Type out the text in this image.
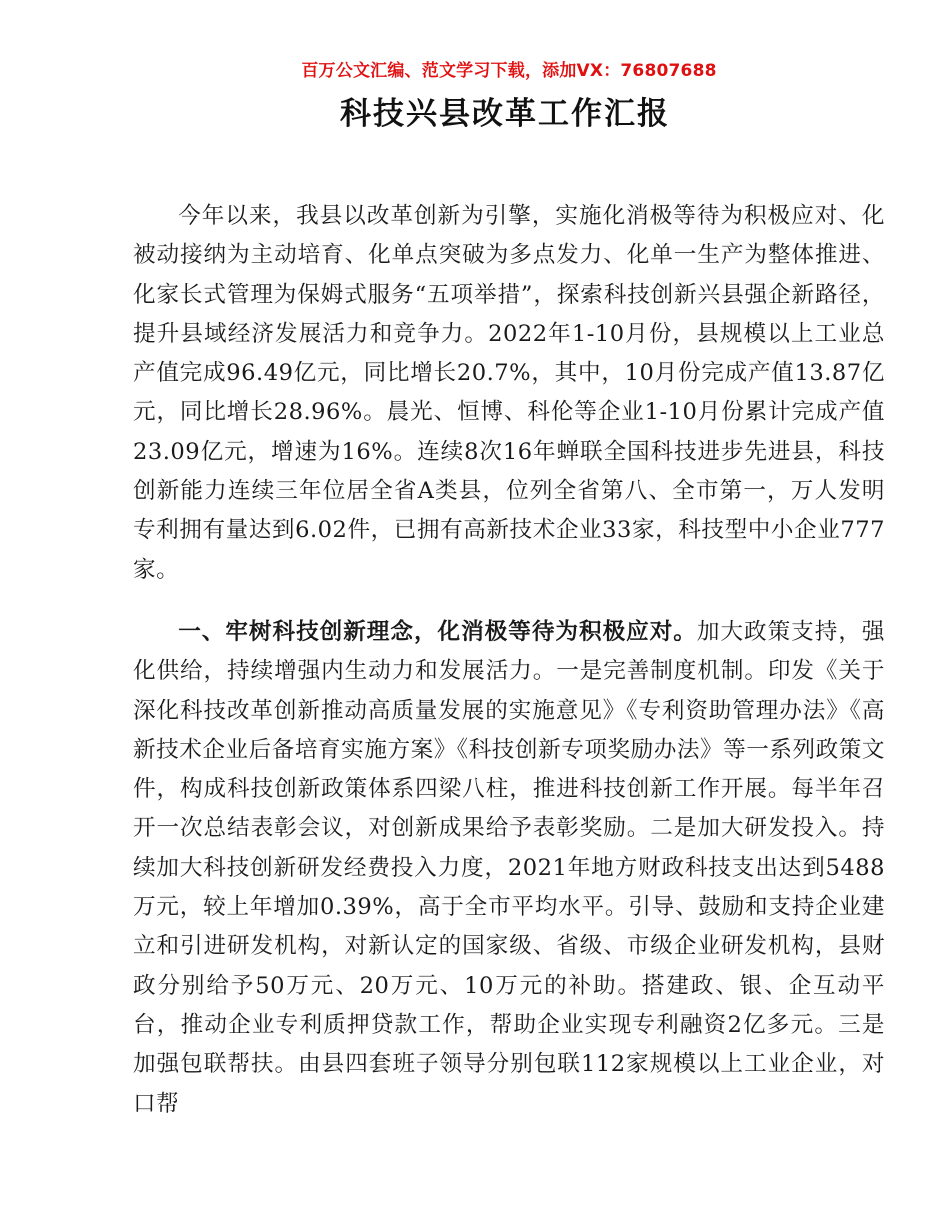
百万公文汇编、范文学习下载，添加VX：76807688
科技兴县改革工作汇报

今年以来，我县以改革创新为引擎，实施化消极等待为积极应对、化被动接纳为主动培育、化单点突破为多点发力、化单一生产为整体推进、化家长式管理为保姆式服务“五项举措”，探索科技创新兴县强企新路径，提升县域经济发展活力和竞争力。2022年1-10月份，县规模以上工业总产值完成96.49亿元，同比增长20.7%，其中，10月份完成产值13.87亿元，同比增长28.96%。晨光、恒博、科伦等企业1-10月份累计完成产值23.09亿元，增速为16%。连续8次16年蝉联全国科技进步先进县，科技创新能力连续三年位居全省A类县，位列全省第八、全市第一，万人发明专利拥有量达到6.02件，已拥有高新技术企业33家，科技型中小企业777家。

一、牢树科技创新理念，化消极等待为积极应对。加大政策支持，强化供给，持续增强内生动力和发展活力。一是完善制度机制。印发《关于深化科技改革创新推动高质量发展的实施意见》《专利资助管理办法》《高新技术企业后备培育实施方案》《科技创新专项奖励办法》等一系列政策文件，构成科技创新政策体系四梁八柱，推进科技创新工作开展。每半年召开一次总结表彰会议，对创新成果给予表彰奖励。二是加大研发投入。持续加大科技创新研发经费投入力度，2021年地方财政科技支出达到5488万元，较上年增加0.39%，高于全市平均水平。引导、鼓励和支持企业建立和引进研发机构，对新认定的国家级、省级、市级企业研发机构，县财政分别给予50万元、20万元、10万元的补助。搭建政、银、企互动平台，推动企业专利质押贷款工作，帮助企业实现专利融资2亿多元。三是加强包联帮扶。由县四套班子领导分别包联112家规模以上工业企业，对口帮
